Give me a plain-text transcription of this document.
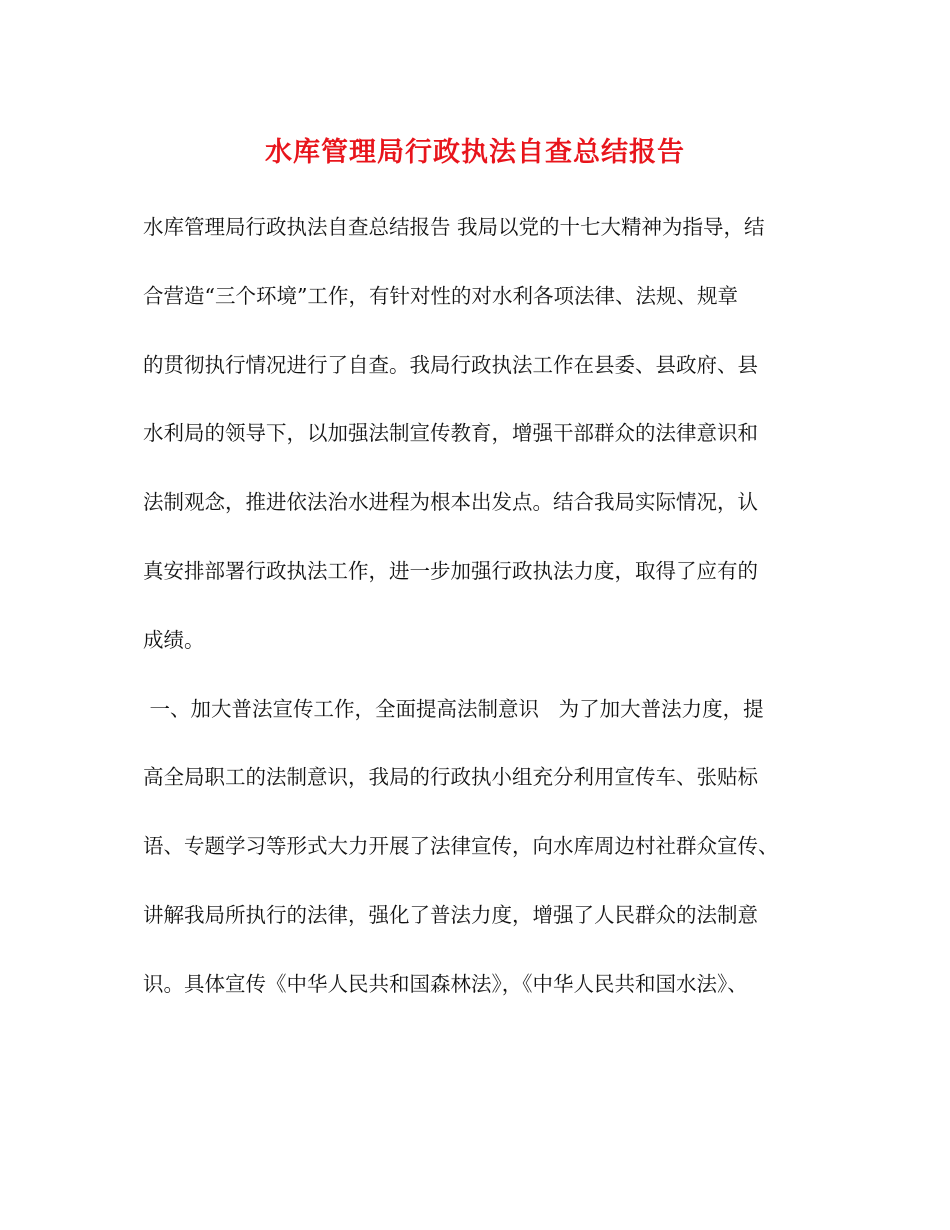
水库管理局行政执法自查总结报告
水库管理局行政执法自查总结报告 我局以党的十七大精神为指导，结
合营造“三个环境”工作，有针对性的对水利各项法律、法规、规章
的贯彻执行情况进行了自查。我局行政执法工作在县委、县政府、县
水利局的领导下，以加强法制宣传教育，增强干部群众的法律意识和
法制观念，推进依法治水进程为根本出发点。结合我局实际情况，认
真安排部署行政执法工作，进一步加强行政执法力度，取得了应有的
成绩。
一、加大普法宣传工作，全面提高法制意识   为了加大普法力度，提
高全局职工的法制意识，我局的行政执小组充分利用宣传车、张贴标
语、专题学习等形式大力开展了法律宣传，向水库周边村社群众宣传、
讲解我局所执行的法律，强化了普法力度，增强了人民群众的法制意
识。具体宣传《中华人民共和国森林法》，《中华人民共和国水法》、
